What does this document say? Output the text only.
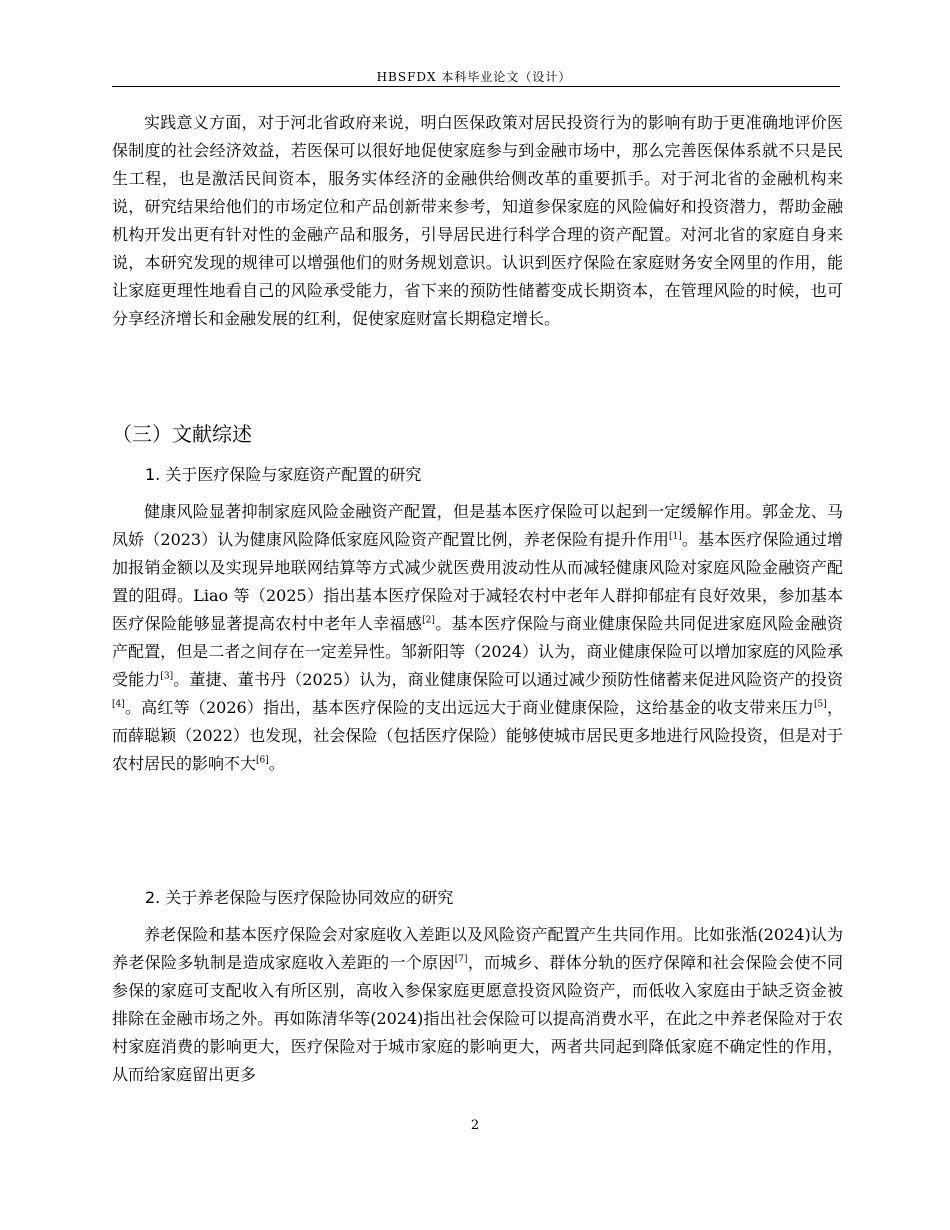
HBSFDX 本科毕业论文（设计）

实践意义方面，对于河北省政府来说，明白医保政策对居民投资行为的影响有助于更准确地评价医保制度的社会经济效益，若医保可以很好地促使家庭参与到金融市场中，那么完善医保体系就不只是民生工程，也是激活民间资本，服务实体经济的金融供给侧改革的重要抓手。对于河北省的金融机构来说，研究结果给他们的市场定位和产品创新带来参考，知道参保家庭的风险偏好和投资潜力，帮助金融机构开发出更有针对性的金融产品和服务，引导居民进行科学合理的资产配置。对河北省的家庭自身来说，本研究发现的规律可以增强他们的财务规划意识。认识到医疗保险在家庭财务安全网里的作用，能让家庭更理性地看自己的风险承受能力，省下来的预防性储蓄变成长期资本，在管理风险的时候，也可分享经济增长和金融发展的红利，促使家庭财富长期稳定增长。

（三）文献综述
1. 关于医疗保险与家庭资产配置的研究

健康风险显著抑制家庭风险金融资产配置，但是基本医疗保险可以起到一定缓解作用。郭金龙、马凤娇（2023）认为健康风险降低家庭风险资产配置比例，养老保险有提升作用[1]。基本医疗保险通过增加报销金额以及实现异地联网结算等方式减少就医费用波动性从而减轻健康风险对家庭风险金融资产配置的阻碍。Liao 等（2025）指出基本医疗保险对于减轻农村中老年人群抑郁症有良好效果，参加基本医疗保险能够显著提高农村中老年人幸福感[2]。基本医疗保险与商业健康保险共同促进家庭风险金融资产配置，但是二者之间存在一定差异性。邹新阳等（2024）认为，商业健康保险可以增加家庭的风险承受能力[3]。董捷、董书丹（2025）认为，商业健康保险可以通过减少预防性储蓄来促进风险资产的投资[4]。高红等（2026）指出，基本医疗保险的支出远远大于商业健康保险，这给基金的收支带来压力[5]，而薛聪颖（2022）也发现，社会保险（包括医疗保险）能够使城市居民更多地进行风险投资，但是对于农村居民的影响不大[6]。

2. 关于养老保险与医疗保险协同效应的研究

养老保险和基本医疗保险会对家庭收入差距以及风险资产配置产生共同作用。比如张湉(2024)认为养老保险多轨制是造成家庭收入差距的一个原因[7]，而城乡、群体分轨的医疗保障和社会保险会使不同参保的家庭可支配收入有所区别，高收入参保家庭更愿意投资风险资产，而低收入家庭由于缺乏资金被排除在金融市场之外。再如陈清华等(2024)指出社会保险可以提高消费水平，在此之中养老保险对于农村家庭消费的影响更大，医疗保险对于城市家庭的影响更大，两者共同起到降低家庭不确定性的作用，从而给家庭留出更多

2
